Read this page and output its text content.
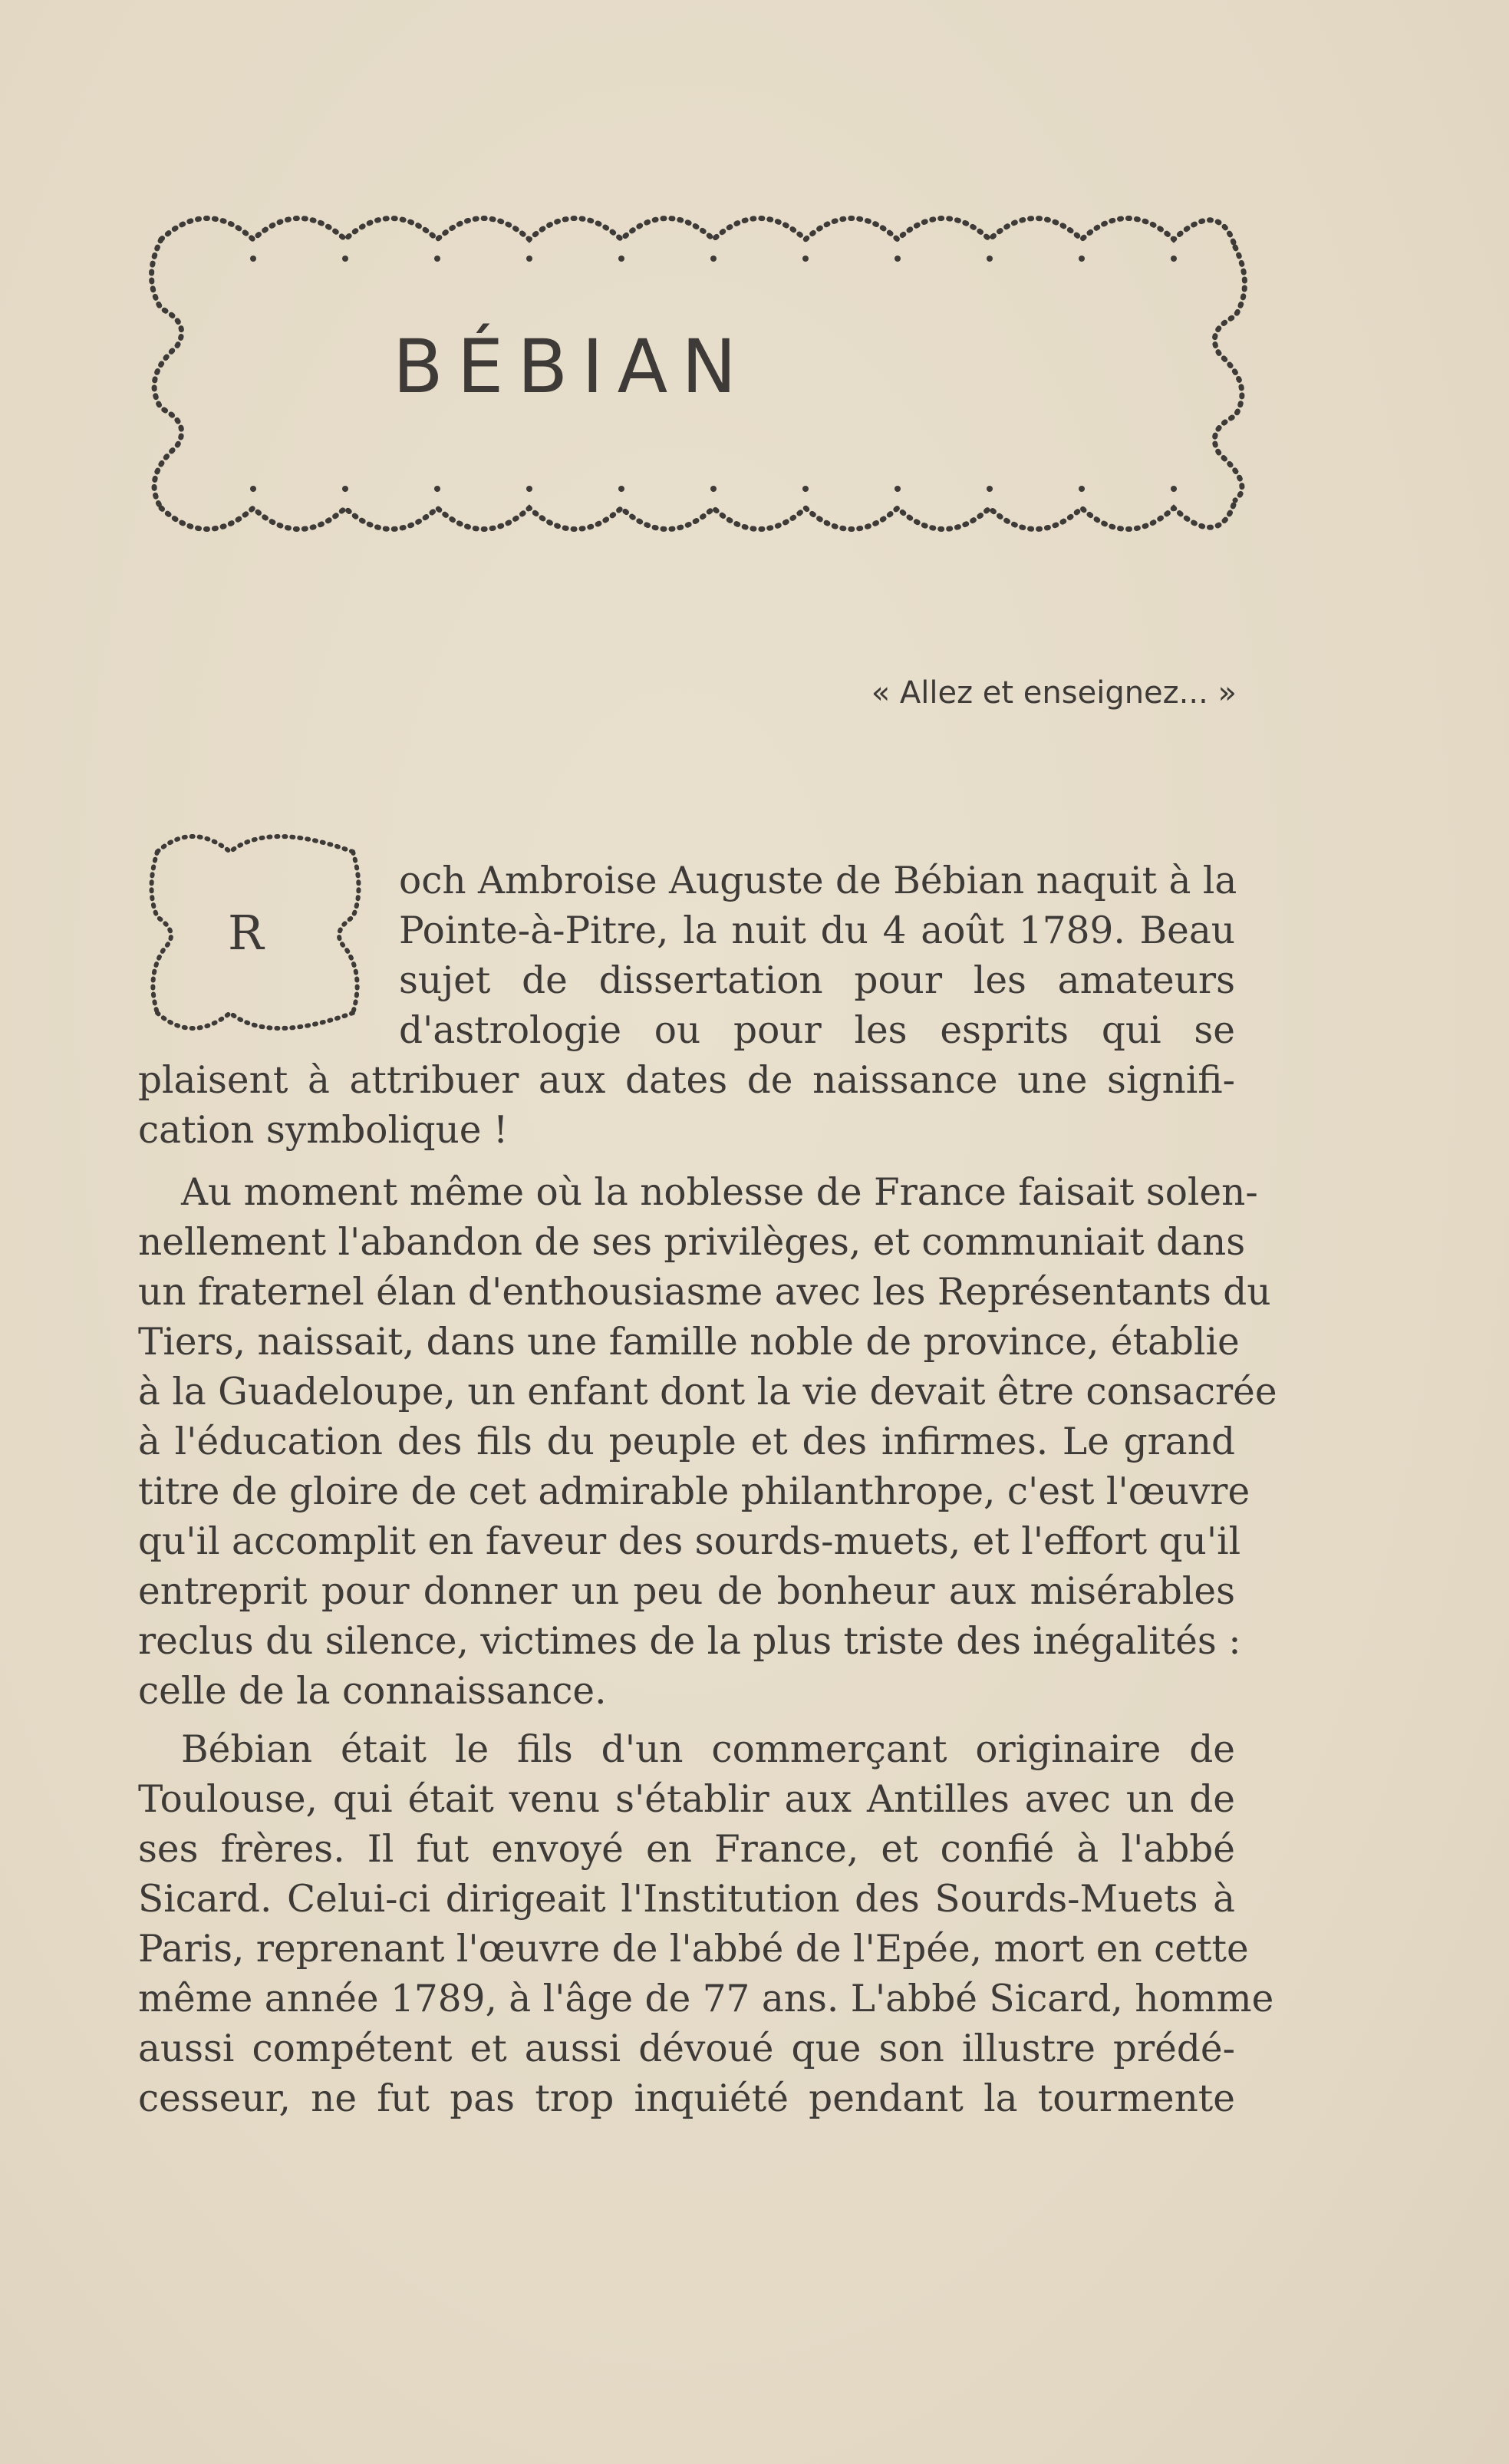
BÉBIAN
« Allez et enseignez... »
R
och Ambroise Auguste de Bébian naquit à la
Pointe-à-Pitre, la nuit du 4 août 1789. Beau
sujet de dissertation pour les amateurs
d'astrologie ou pour les esprits qui se
plaisent à attribuer aux dates de naissance une signifi-
cation symbolique !
Au moment même où la noblesse de France faisait solen-
nellement l'abandon de ses privilèges, et communiait dans
un fraternel élan d'enthousiasme avec les Représentants du
Tiers, naissait, dans une famille noble de province, établie
à la Guadeloupe, un enfant dont la vie devait être consacrée
à l'éducation des fils du peuple et des infirmes. Le grand
titre de gloire de cet admirable philanthrope, c'est l'œuvre
qu'il accomplit en faveur des sourds-muets, et l'effort qu'il
entreprit pour donner un peu de bonheur aux misérables
reclus du silence, victimes de la plus triste des inégalités :
celle de la connaissance.
Bébian était le fils d'un commerçant originaire de
Toulouse, qui était venu s'établir aux Antilles avec un de
ses frères. Il fut envoyé en France, et confié à l'abbé
Sicard. Celui-ci dirigeait l'Institution des Sourds-Muets à
Paris, reprenant l'œuvre de l'abbé de l'Epée, mort en cette
même année 1789, à l'âge de 77 ans. L'abbé Sicard, homme
aussi compétent et aussi dévoué que son illustre prédé-
cesseur, ne fut pas trop inquiété pendant la tourmente
